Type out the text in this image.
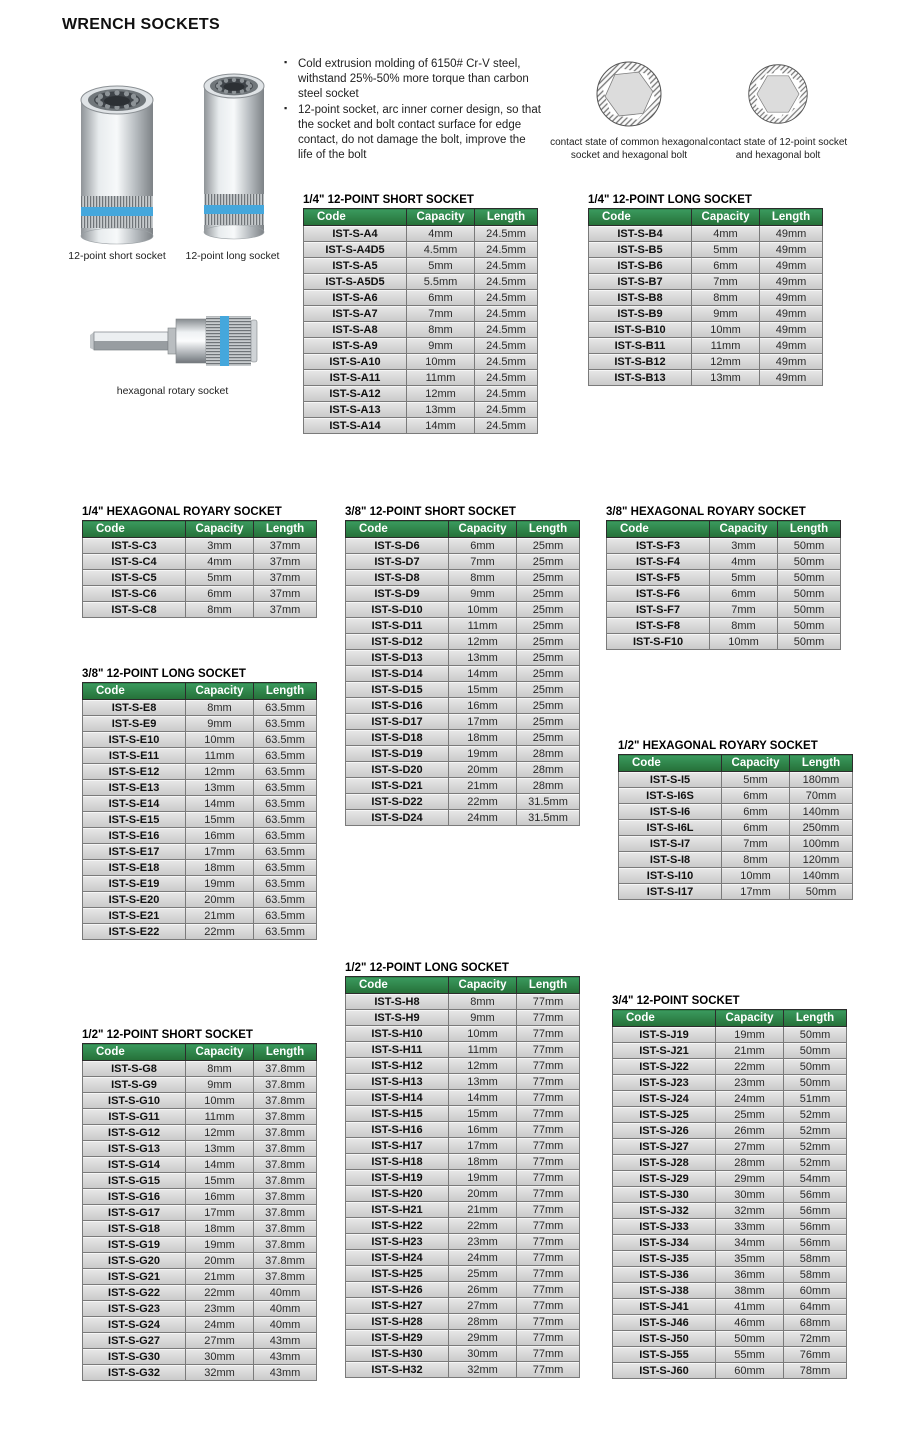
WRENCH SOCKETS
12-point short socket	12-point long socket
hexagonal rotary socket
▪ Cold extrusion molding of 6150# Cr-V steel, withstand 25%-50% more torque than carbon steel socket
▪ 12-point socket, arc inner corner design, so that the socket and bolt contact surface for edge contact, do not damage the bolt, improve the life of the bolt
contact state of common hexagonal socket and hexagonal bolt
contact state of 12-point socket and hexagonal bolt
1/4" 12-POINT SHORT SOCKET
Code	Capacity	Length
IST-S-A4	4mm	24.5mm
IST-S-A4D5	4.5mm	24.5mm
IST-S-A5	5mm	24.5mm
IST-S-A5D5	5.5mm	24.5mm
IST-S-A6	6mm	24.5mm
IST-S-A7	7mm	24.5mm
IST-S-A8	8mm	24.5mm
IST-S-A9	9mm	24.5mm
IST-S-A10	10mm	24.5mm
IST-S-A11	11mm	24.5mm
IST-S-A12	12mm	24.5mm
IST-S-A13	13mm	24.5mm
IST-S-A14	14mm	24.5mm
1/4" 12-POINT LONG SOCKET
Code	Capacity	Length
IST-S-B4	4mm	49mm
IST-S-B5	5mm	49mm
IST-S-B6	6mm	49mm
IST-S-B7	7mm	49mm
IST-S-B8	8mm	49mm
IST-S-B9	9mm	49mm
IST-S-B10	10mm	49mm
IST-S-B11	11mm	49mm
IST-S-B12	12mm	49mm
IST-S-B13	13mm	49mm
1/4" HEXAGONAL ROYARY SOCKET
Code	Capacity	Length
IST-S-C3	3mm	37mm
IST-S-C4	4mm	37mm
IST-S-C5	5mm	37mm
IST-S-C6	6mm	37mm
IST-S-C8	8mm	37mm
3/8" 12-POINT SHORT SOCKET
Code	Capacity	Length
IST-S-D6	6mm	25mm
IST-S-D7	7mm	25mm
IST-S-D8	8mm	25mm
IST-S-D9	9mm	25mm
IST-S-D10	10mm	25mm
IST-S-D11	11mm	25mm
IST-S-D12	12mm	25mm
IST-S-D13	13mm	25mm
IST-S-D14	14mm	25mm
IST-S-D15	15mm	25mm
IST-S-D16	16mm	25mm
IST-S-D17	17mm	25mm
IST-S-D18	18mm	25mm
IST-S-D19	19mm	28mm
IST-S-D20	20mm	28mm
IST-S-D21	21mm	28mm
IST-S-D22	22mm	31.5mm
IST-S-D24	24mm	31.5mm
3/8" HEXAGONAL ROYARY SOCKET
Code	Capacity	Length
IST-S-F3	3mm	50mm
IST-S-F4	4mm	50mm
IST-S-F5	5mm	50mm
IST-S-F6	6mm	50mm
IST-S-F7	7mm	50mm
IST-S-F8	8mm	50mm
IST-S-F10	10mm	50mm
3/8" 12-POINT LONG SOCKET
Code	Capacity	Length
IST-S-E8	8mm	63.5mm
IST-S-E9	9mm	63.5mm
IST-S-E10	10mm	63.5mm
IST-S-E11	11mm	63.5mm
IST-S-E12	12mm	63.5mm
IST-S-E13	13mm	63.5mm
IST-S-E14	14mm	63.5mm
IST-S-E15	15mm	63.5mm
IST-S-E16	16mm	63.5mm
IST-S-E17	17mm	63.5mm
IST-S-E18	18mm	63.5mm
IST-S-E19	19mm	63.5mm
IST-S-E20	20mm	63.5mm
IST-S-E21	21mm	63.5mm
IST-S-E22	22mm	63.5mm
1/2" HEXAGONAL ROYARY SOCKET
Code	Capacity	Length
IST-S-I5	5mm	180mm
IST-S-I6S	6mm	70mm
IST-S-I6	6mm	140mm
IST-S-I6L	6mm	250mm
IST-S-I7	7mm	100mm
IST-S-I8	8mm	120mm
IST-S-I10	10mm	140mm
IST-S-I17	17mm	50mm
1/2" 12-POINT LONG SOCKET
Code	Capacity	Length
IST-S-H8	8mm	77mm
IST-S-H9	9mm	77mm
IST-S-H10	10mm	77mm
IST-S-H11	11mm	77mm
IST-S-H12	12mm	77mm
IST-S-H13	13mm	77mm
IST-S-H14	14mm	77mm
IST-S-H15	15mm	77mm
IST-S-H16	16mm	77mm
IST-S-H17	17mm	77mm
IST-S-H18	18mm	77mm
IST-S-H19	19mm	77mm
IST-S-H20	20mm	77mm
IST-S-H21	21mm	77mm
IST-S-H22	22mm	77mm
IST-S-H23	23mm	77mm
IST-S-H24	24mm	77mm
IST-S-H25	25mm	77mm
IST-S-H26	26mm	77mm
IST-S-H27	27mm	77mm
IST-S-H28	28mm	77mm
IST-S-H29	29mm	77mm
IST-S-H30	30mm	77mm
IST-S-H32	32mm	77mm
3/4" 12-POINT SOCKET
Code	Capacity	Length
IST-S-J19	19mm	50mm
IST-S-J21	21mm	50mm
IST-S-J22	22mm	50mm
IST-S-J23	23mm	50mm
IST-S-J24	24mm	51mm
IST-S-J25	25mm	52mm
IST-S-J26	26mm	52mm
IST-S-J27	27mm	52mm
IST-S-J28	28mm	52mm
IST-S-J29	29mm	54mm
IST-S-J30	30mm	56mm
IST-S-J32	32mm	56mm
IST-S-J33	33mm	56mm
IST-S-J34	34mm	56mm
IST-S-J35	35mm	58mm
IST-S-J36	36mm	58mm
IST-S-J38	38mm	60mm
IST-S-J41	41mm	64mm
IST-S-J46	46mm	68mm
IST-S-J50	50mm	72mm
IST-S-J55	55mm	76mm
IST-S-J60	60mm	78mm
1/2" 12-POINT SHORT SOCKET
Code	Capacity	Length
IST-S-G8	8mm	37.8mm
IST-S-G9	9mm	37.8mm
IST-S-G10	10mm	37.8mm
IST-S-G11	11mm	37.8mm
IST-S-G12	12mm	37.8mm
IST-S-G13	13mm	37.8mm
IST-S-G14	14mm	37.8mm
IST-S-G15	15mm	37.8mm
IST-S-G16	16mm	37.8mm
IST-S-G17	17mm	37.8mm
IST-S-G18	18mm	37.8mm
IST-S-G19	19mm	37.8mm
IST-S-G20	20mm	37.8mm
IST-S-G21	21mm	37.8mm
IST-S-G22	22mm	40mm
IST-S-G23	23mm	40mm
IST-S-G24	24mm	40mm
IST-S-G27	27mm	43mm
IST-S-G30	30mm	43mm
IST-S-G32	32mm	43mm
